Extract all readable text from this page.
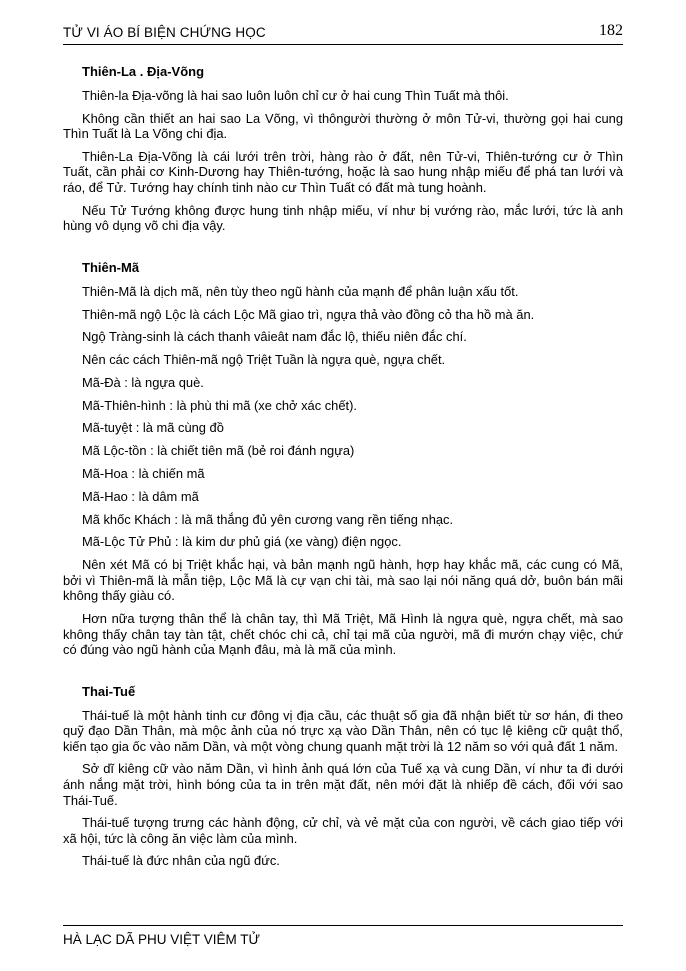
TỬ VI ÁO BÍ BIỆN CHỨNG HỌC	182
Thiên-La . Địa-Võng

Thiên-la Địa-võng là hai sao luôn luôn chỉ cư ở hai cung Thìn Tuất mà thôi.

Không cần thiết an hai sao La Võng, vì thôngười thường ở môn Tử-vi, thường gọi hai cung Thìn Tuất là La Võng chi địa.

Thiên-La Địa-Võng là cái lưới trên trời, hàng rào ở đất, nên Tử-vi, Thiên-tướng cư ở Thìn Tuất, cần phải cơ Kinh-Dương hay Thiên-tướng, hoặc là sao hung nhập miếu để phá tan lưới và ráo, để Tử. Tướng hay chính tinh nào cư Thìn Tuất có đất mà tung hoành.

Nếu Tử Tướng không được hung tinh nhập miếu, ví như bị vướng rào, mắc lưới, tức là anh hùng vô dụng võ chi địa vậy.

Thiên-Mã
Thiên-Mã là dịch mã, nên tùy theo ngũ hành của mạnh để phân luận xấu tốt.
Thiên-mã ngộ Lộc là cách Lộc Mã giao trì, ngựa thả vào đồng cỏ tha hồ mà ăn.
Ngộ Tràng-sinh là cách thanh vâieât nam đắc lộ, thiếu niên đắc chí.
Nên các cách Thiên-mã ngộ Triệt Tuần là ngựa què, ngựa chết.
Mã-Đà : là ngựa què.
Mã-Thiên-hình : là phù thi mã (xe chở xác chết).
Mã-tuyệt : là mã cùng đồ
Mã Lộc-tồn : là chiết tiên mã (bẻ roi đánh ngựa)
Mã-Hoa : là chiến mã
Mã-Hao : là dâm mã
Mã khốc Khách : là mã thắng đủ yên cương vang rền tiếng nhạc.
Mã-Lộc Tử Phủ : là kim dư phủ giá (xe vàng) điện ngọc.

Nên xét Mã có bị Triệt khắc hại, và bản mạnh ngũ hành, hợp hay khắc mã, các cung có Mã, bởi vì Thiên-mã là mẫn tiệp, Lộc Mã là cự vạn chi tài, mà sao lại nói năng quá dở, buôn bán mãi không thấy giàu có.

Hơn nữa tượng thân thể là chân tay, thì Mã Triệt, Mã Hình là ngựa què, ngựa chết, mà sao không thấy chân tay tàn tật, chết chóc chi cả, chỉ tại mã của người, mã đi mướn chạy việc, chứ có đúng vào ngũ hành của Mạnh đâu, mà là mã của mình.

Thai-Tuế

Thái-tuế là một hành tinh cư đông vị địa cầu, các thuật số gia đã nhận biết từ sơ hán, đi theo quỹ đạo Dần Thân, mà mộc ảnh của nó trực xạ vào Dần Thân, nên có tục lệ kiêng cữ quật thổ, kiến tạo gia ốc vào năm Dần, và một vòng chung quanh mặt trời là 12 năm so với quả đất 1 năm.

Sở dĩ kiêng cữ vào năm Dần, vì hình ảnh quá lớn của Tuế xạ và cung Dần, ví như ta đi dưới ánh nắng mặt trời, hình bóng của ta in trên mặt đất, nên mới đặt là nhiếp đề cách, đối với sao Thái-Tuế.

Thái-tuế tượng trưng các hành động, cử chỉ, và vẻ mặt của con người, về cách giao tiếp với xã hội, tức là công ăn việc làm của mình.

Thái-tuế là đức nhân của ngũ đức.

HÀ LẠC DÃ PHU VIỆT VIÊM TỬ
